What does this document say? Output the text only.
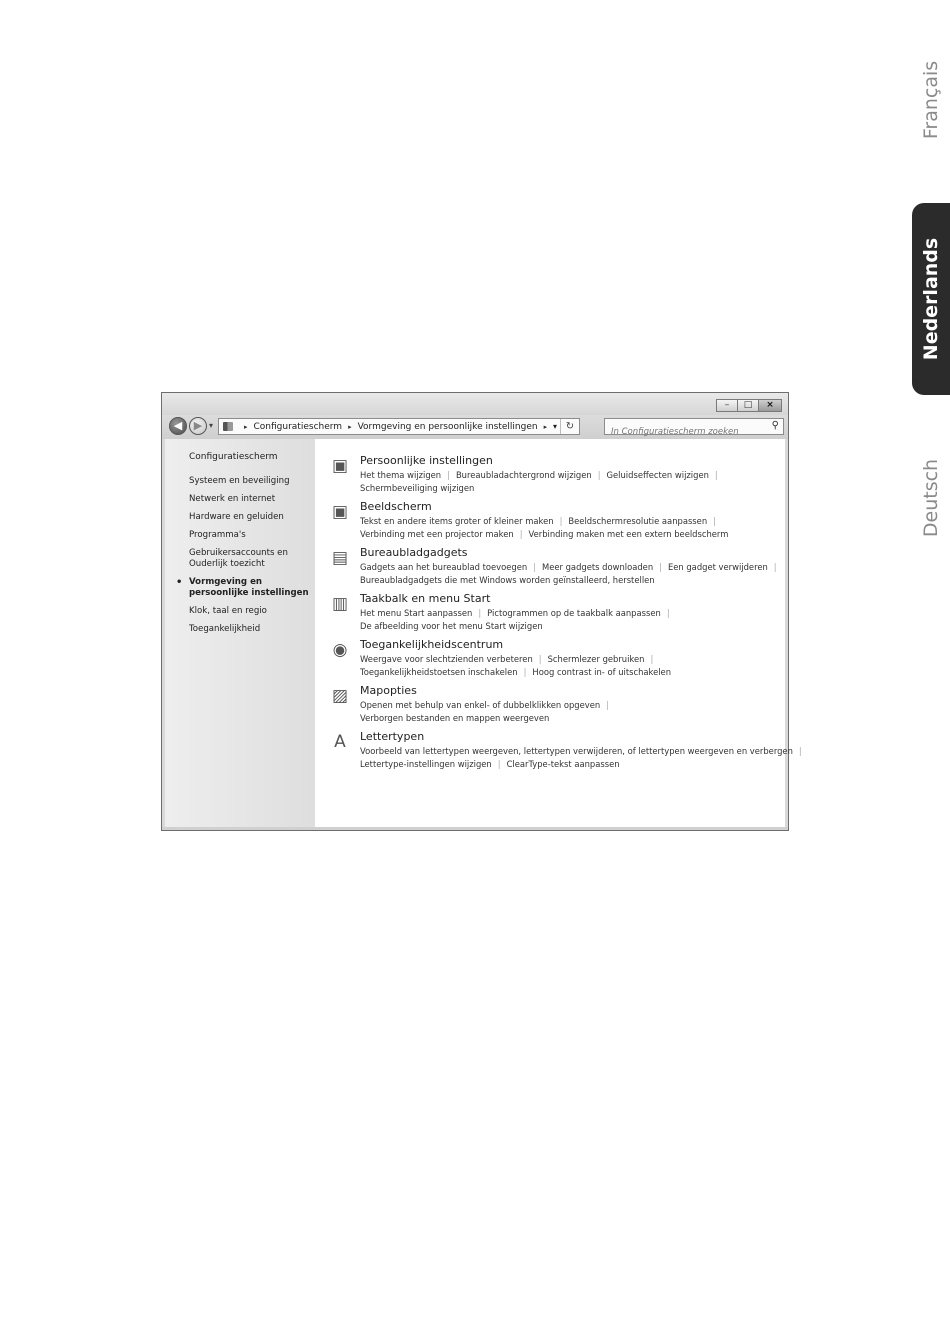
Français
Nederlands
Deutsch
–	□	×
◀	▶ ▾	▸ Configuratiescherm ▸ Vormgeving en persoonlijke instellingen ▸ ▾ ↻
In Configuratiescherm zoeken	⚲
Configuratiescherm
Systeem en beveiliging
Netwerk en internet
Hardware en geluiden
Programma's
Gebruikersaccounts en Ouderlijk toezicht
• Vormgeving en persoonlijke instellingen
Klok, taal en regio
Toegankelijkheid
▣ Persoonlijke instellingen
Het thema wijzigen | Bureaubladachtergrond wijzigen | Geluidseffecten wijzigen |
Schermbeveiliging wijzigen
▣ Beeldscherm
Tekst en andere items groter of kleiner maken | Beeldschermresolutie aanpassen |
Verbinding met een projector maken | Verbinding maken met een extern beeldscherm
▤ Bureaubladgadgets
Gadgets aan het bureaublad toevoegen | Meer gadgets downloaden | Een gadget verwijderen |
Bureaubladgadgets die met Windows worden geïnstalleerd, herstellen
▥ Taakbalk en menu Start
Het menu Start aanpassen | Pictogrammen op de taakbalk aanpassen |
De afbeelding voor het menu Start wijzigen
◉ Toegankelijkheidscentrum
Weergave voor slechtzienden verbeteren | Schermlezer gebruiken |
Toegankelijkheidstoetsen inschakelen | Hoog contrast in- of uitschakelen
▨ Mapopties
Openen met behulp van enkel- of dubbelklikken opgeven |
Verborgen bestanden en mappen weergeven
A	Lettertypen
Voorbeeld van lettertypen weergeven, lettertypen verwijderen, of lettertypen weergeven en verbergen |
Lettertype-instellingen wijzigen | ClearType-tekst aanpassen
